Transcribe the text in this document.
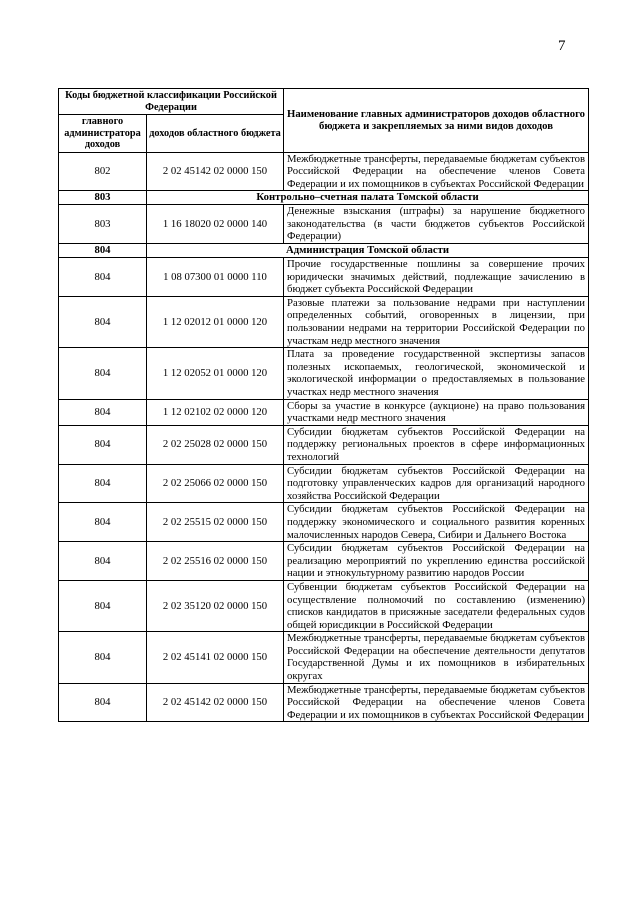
7
Коды бюджетной классификации Российской Федерации		Наименование главных администраторов доходов областного бюджета и закрепляемых за ними видов доходов
главного администратора доходов	доходов областного бюджета	
802	2 02 45142 02 0000 150	Межбюджетные трансферты, передаваемые бюджетам субъектов Российской Федерации на обеспечение членов Совета Федерации и их помощников в субъектах Российской Федерации
803	Контрольно–счетная палата Томской области	
803	1 16 18020 02 0000 140	Денежные взыскания (штрафы) за нарушение бюджетного законодательства (в части бюджетов субъектов Российской Федерации)
804	Администрация Томской области	
804	1 08 07300 01 0000 110	Прочие государственные пошлины за совершение прочих юридически значимых действий, подлежащие зачислению в бюджет субъекта Российской Федерации
804	1 12 02012 01 0000 120	Разовые платежи за пользование недрами при наступлении определенных событий, оговоренных в лицензии, при пользовании недрами на территории Российской Федерации по участкам недр местного значения
804	1 12 02052 01 0000 120	Плата за проведение государственной экспертизы запасов полезных ископаемых, геологической, экономической и экологической информации о предоставляемых в пользование участках недр местного значения
804	1 12 02102 02 0000 120	Сборы за участие в конкурсе (аукционе) на право пользования участками недр местного значения
804	2 02 25028 02 0000 150	Субсидии бюджетам субъектов Российской Федерации на поддержку региональных проектов в сфере информационных технологий
804	2 02 25066 02 0000 150	Субсидии бюджетам субъектов Российской Федерации на подготовку управленческих кадров для организаций народного хозяйства Российской Федерации
804	2 02 25515 02 0000 150	Субсидии бюджетам субъектов Российской Федерации на поддержку экономического и социального развития коренных малочисленных народов Севера, Сибири и Дальнего Востока
804	2 02 25516 02 0000 150	Субсидии бюджетам субъектов Российской Федерации на реализацию мероприятий по укреплению единства российской нации и этнокультурному развитию народов России
804	2 02 35120 02 0000 150	Субвенции бюджетам субъектов Российской Федерации на осуществление полномочий по составлению (изменению) списков кандидатов в присяжные заседатели федеральных судов общей юрисдикции в Российской Федерации
804	2 02 45141 02 0000 150	Межбюджетные трансферты, передаваемые бюджетам субъектов Российской Федерации на обеспечение деятельности депутатов Государственной Думы и их помощников в избирательных округах
804	2 02 45142 02 0000 150	Межбюджетные трансферты, передаваемые бюджетам субъектов Российской Федерации на обеспечение членов Совета Федерации и их помощников в субъектах Российской Федерации
